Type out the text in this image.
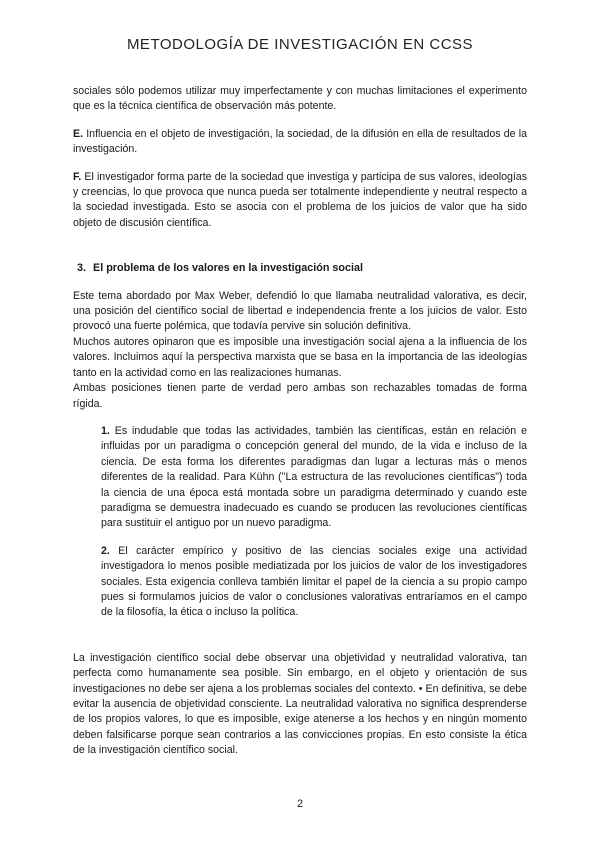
METODOLOGÍA DE INVESTIGACIÓN EN CCSS

sociales sólo podemos utilizar muy imperfectamente y con muchas limitaciones el experimento que es la técnica científica de observación más potente.

E. Influencia en el objeto de investigación, la sociedad, de la difusión en ella de resultados de la investigación.

F. El investigador forma parte de la sociedad que investiga y participa de sus valores, ideologías y creencias, lo que provoca que nunca pueda ser totalmente independiente y neutral respecto a la sociedad investigada. Esto se asocia con el problema de los juicios de valor que ha sido objeto de discusión científica.

3. El problema de los valores en la investigación social

Este tema abordado por Max Weber, defendió lo que llamaba neutralidad valorativa, es decir, una posición del científico social de libertad e independencia frente a los juicios de valor. Esto provocó una fuerte polémica, que todavía pervive sin solución definitiva.

Muchos autores opinaron que es imposible una investigación social ajena a la influencia de los valores. Incluimos aquí la perspectiva marxista que se basa en la importancia de las ideologías tanto en la actividad como en las realizaciones humanas.

Ambas posiciones tienen parte de verdad pero ambas son rechazables tomadas de forma rígida.

1. Es indudable que todas las actividades, también las científicas, están en relación e influidas por un paradigma o concepción general del mundo, de la vida e incluso de la ciencia. De esta forma los diferentes paradigmas dan lugar a lecturas más o menos diferentes de la realidad. Para Kühn ("La estructura de las revoluciones científicas") toda la ciencia de una época está montada sobre un paradigma determinado y cuando este paradigma se demuestra inadecuado es cuando se producen las revoluciones científicas para sustituir el antiguo por un nuevo paradigma.

2. El carácter empírico y positivo de las ciencias sociales exige una actividad investigadora lo menos posible mediatizada por los juicios de valor de los investigadores sociales. Esta exigencia conlleva también limitar el papel de la ciencia a su propio campo pues si formulamos juicios de valor o conclusiones valorativas entraríamos en el campo de la filosofía, la ética o incluso la política.

La investigación científico social debe observar una objetividad y neutralidad valorativa, tan perfecta como humanamente sea posible. Sin embargo, en el objeto y orientación de sus investigaciones no debe ser ajena a los problemas sociales del contexto. • En definitiva, se debe evitar la ausencia de objetividad consciente. La neutralidad valorativa no significa desprenderse de los propios valores, lo que es imposible, exige atenerse a los hechos y en ningún momento deben falsificarse porque sean contrarios a las convicciones propias. En esto consiste la ética de la investigación científico social.

2
